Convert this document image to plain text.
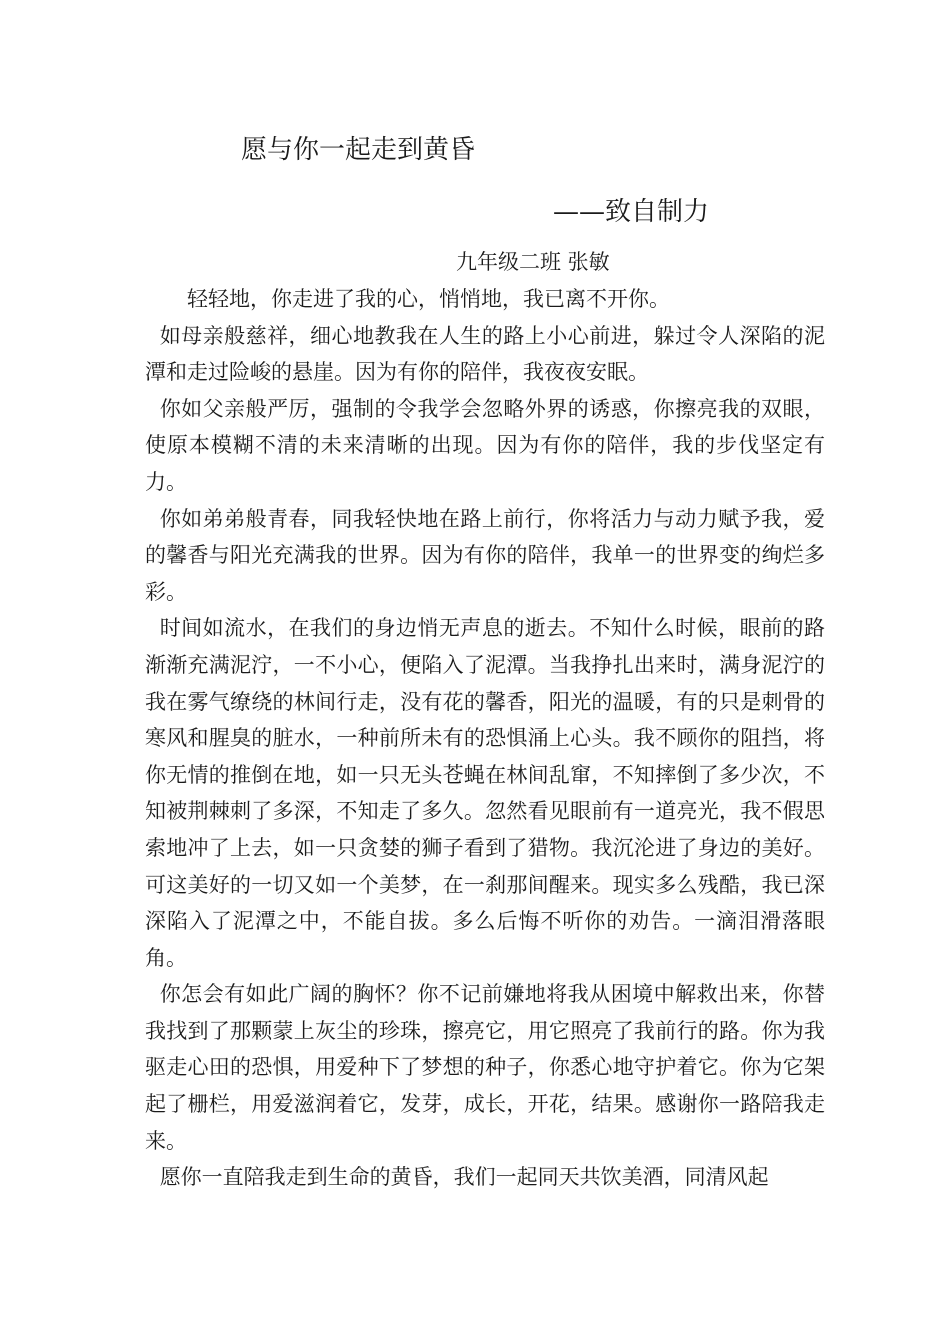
愿与你一起走到黄昏
——致自制力
九年级二班 张敏

轻轻地，你走进了我的心，悄悄地，我已离不开你。

如母亲般慈祥，细心地教我在人生的路上小心前进，躲过令人深陷的泥潭和走过险峻的悬崖。因为有你的陪伴，我夜夜安眠。

你如父亲般严厉，强制的令我学会忽略外界的诱惑，你擦亮我的双眼，使原本模糊不清的未来清晰的出现。因为有你的陪伴，我的步伐坚定有力。

你如弟弟般青春，同我轻快地在路上前行，你将活力与动力赋予我，爱的馨香与阳光充满我的世界。因为有你的陪伴，我单一的世界变的绚烂多彩。

时间如流水，在我们的身边悄无声息的逝去。不知什么时候，眼前的路渐渐充满泥泞，一不小心，便陷入了泥潭。当我挣扎出来时，满身泥泞的我在雾气缭绕的林间行走，没有花的馨香，阳光的温暖，有的只是刺骨的寒风和腥臭的脏水，一种前所未有的恐惧涌上心头。我不顾你的阻挡，将你无情的推倒在地，如一只无头苍蝇在林间乱窜，不知摔倒了多少次，不知被荆棘刺了多深，不知走了多久。忽然看见眼前有一道亮光，我不假思索地冲了上去，如一只贪婪的狮子看到了猎物。我沉沦进了身边的美好。可这美好的一切又如一个美梦，在一刹那间醒来。现实多么残酷，我已深深陷入了泥潭之中，不能自拔。多么后悔不听你的劝告。一滴泪滑落眼角。

你怎会有如此广阔的胸怀？你不记前嫌地将我从困境中解救出来，你替我找到了那颗蒙上灰尘的珍珠，擦亮它，用它照亮了我前行的路。你为我驱走心田的恐惧，用爱种下了梦想的种子，你悉心地守护着它。你为它架起了栅栏，用爱滋润着它，发芽，成长，开花，结果。感谢你一路陪我走来。

愿你一直陪我走到生命的黄昏，我们一起同天共饮美酒，同清风起
